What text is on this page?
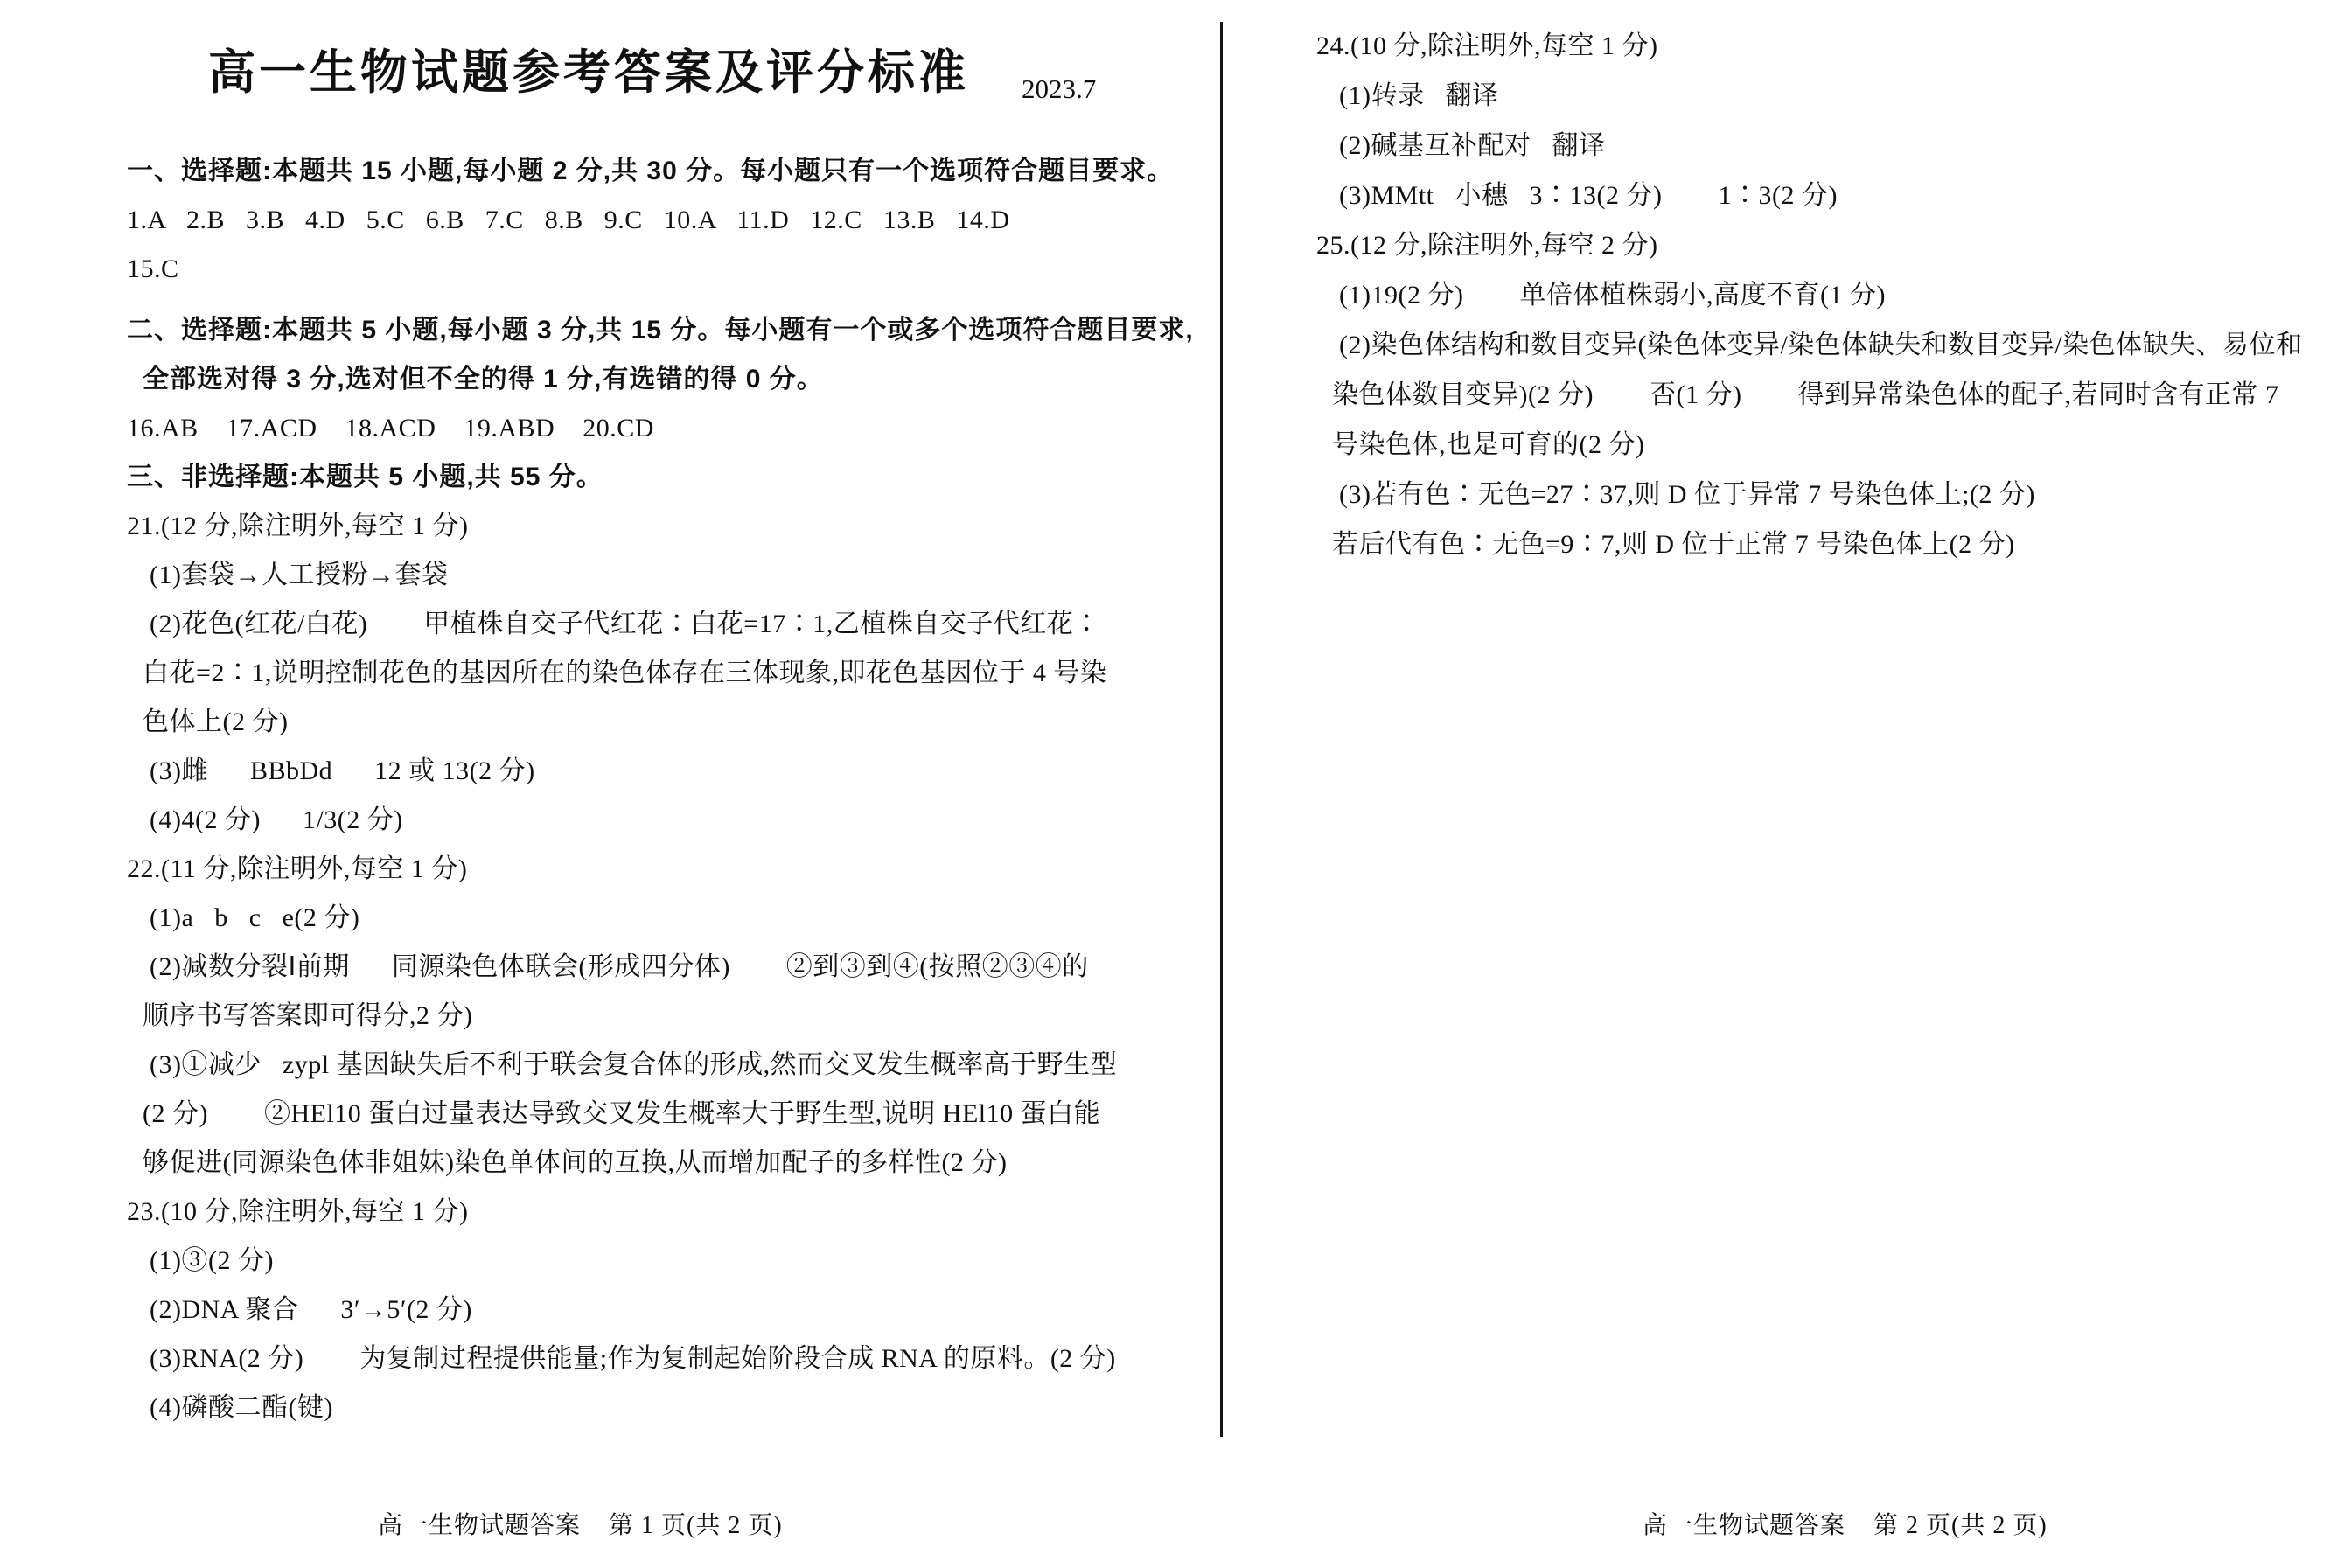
高一生物试题参考答案及评分标准 2023.7
一、选择题:本题共 15 小题,每小题 2 分,共 30 分。每小题只有一个选项符合题目要求。
1.A   2.B   3.B   4.D   5.C   6.B   7.C   8.B   9.C   10.A   11.D   12.C   13.B   14.D
15.C
二、选择题:本题共 5 小题,每小题 3 分,共 15 分。每小题有一个或多个选项符合题目要求,
全部选对得 3 分,选对但不全的得 1 分,有选错的得 0 分。
16.AB    17.ACD    18.ACD    19.ABD    20.CD
三、非选择题:本题共 5 小题,共 55 分。
21.(12 分,除注明外,每空 1 分)
(1)套袋→人工授粉→套袋
(2)花色(红花/白花)        甲植株自交子代红花∶白花=17∶1,乙植株自交子代红花∶
白花=2∶1,说明控制花色的基因所在的染色体存在三体现象,即花色基因位于 4 号染
色体上(2 分)
(3)雌      BBbDd      12 或 13(2 分)
(4)4(2 分)      1/3(2 分)
22.(11 分,除注明外,每空 1 分)
(1)a   b   c   e(2 分)
(2)减数分裂Ⅰ前期      同源染色体联会(形成四分体)        ②到③到④(按照②③④的
顺序书写答案即可得分,2 分)
(3)①减少   zypl 基因缺失后不利于联会复合体的形成,然而交叉发生概率高于野生型
(2 分)        ②HEl10 蛋白过量表达导致交叉发生概率大于野生型,说明 HEl10 蛋白能
够促进(同源染色体非姐妹)染色单体间的互换,从而增加配子的多样性(2 分)
23.(10 分,除注明外,每空 1 分)
(1)③(2 分)
(2)DNA 聚合      3′→5′(2 分)
(3)RNA(2 分)        为复制过程提供能量;作为复制起始阶段合成 RNA 的原料。(2 分)
(4)磷酸二酯(键)
24.(10 分,除注明外,每空 1 分)
(1)转录   翻译
(2)碱基互补配对   翻译
(3)MMtt   小穗   3∶13(2 分)        1∶3(2 分)
25.(12 分,除注明外,每空 2 分)
(1)19(2 分)        单倍体植株弱小,高度不育(1 分)
(2)染色体结构和数目变异(染色体变异/染色体缺失和数目变异/染色体缺失、易位和
染色体数目变异)(2 分)        否(1 分)        得到异常染色体的配子,若同时含有正常 7
号染色体,也是可育的(2 分)
(3)若有色∶无色=27∶37,则 D 位于异常 7 号染色体上;(2 分)
若后代有色∶无色=9∶7,则 D 位于正常 7 号染色体上(2 分)
高一生物试题答案    第 1 页(共 2 页)	高一生物试题答案    第 2 页(共 2 页)
